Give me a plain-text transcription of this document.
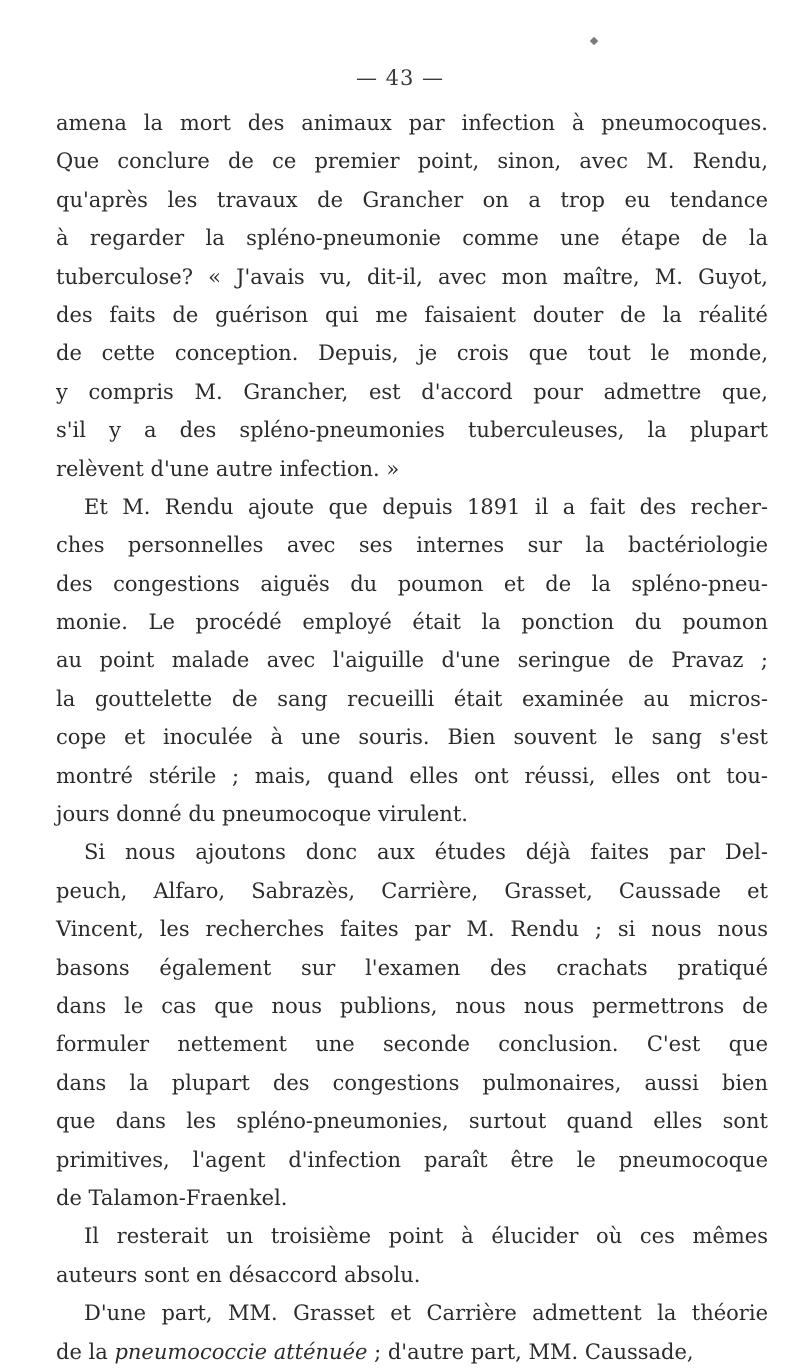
— 43 —
amena la mort des animaux par infection à pneumocoques.
Que conclure de ce premier point, sinon, avec M. Rendu,
qu'après les travaux de Grancher on a trop eu tendance
à regarder la spléno-pneumonie comme une étape de la
tuberculose? « J'avais vu, dit-il, avec mon maître, M. Guyot,
des faits de guérison qui me faisaient douter de la réalité
de cette conception. Depuis, je crois que tout le monde,
y compris M. Grancher, est d'accord pour admettre que,
s'il y a des spléno-pneumonies tuberculeuses, la plupart
relèvent d'une autre infection. »
Et M. Rendu ajoute que depuis 1891 il a fait des recher-
ches personnelles avec ses internes sur la bactériologie
des congestions aiguës du poumon et de la spléno-pneu-
monie. Le procédé employé était la ponction du poumon
au point malade avec l'aiguille d'une seringue de Pravaz ;
la gouttelette de sang recueilli était examinée au micros-
cope et inoculée à une souris. Bien souvent le sang s'est
montré stérile ; mais, quand elles ont réussi, elles ont tou-
jours donné du pneumocoque virulent.
Si nous ajoutons donc aux études déjà faites par Del-
peuch, Alfaro, Sabrazès, Carrière, Grasset, Caussade et
Vincent, les recherches faites par M. Rendu ; si nous nous
basons également sur l'examen des crachats pratiqué
dans le cas que nous publions, nous nous permettrons de
formuler nettement une seconde conclusion. C'est que
dans la plupart des congestions pulmonaires, aussi bien
que dans les spléno-pneumonies, surtout quand elles sont
primitives, l'agent d'infection paraît être le pneumocoque
de Talamon-Fraenkel.
Il resterait un troisième point à élucider où ces mêmes
auteurs sont en désaccord absolu.
D'une part, MM. Grasset et Carrière admettent la théorie
de la pneumococcie atténuée ; d'autre part, MM. Caussade,
